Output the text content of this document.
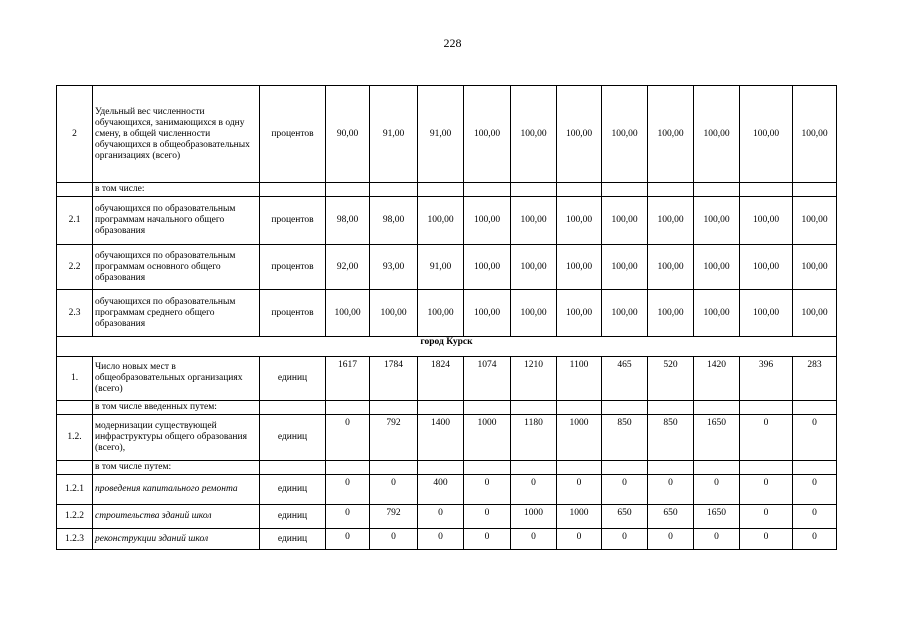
228
2	Удельный вес численности обучающихся, занимающихся в одну смену, в общей численности обучающихся в общеобразовательных организациях (всего)	процентов	90,00	91,00	91,00	100,00	100,00	100,00	100,00	100,00	100,00	100,00	100,00
	в том числе:												
2.1	обучающихся по образовательным программам начального общего образования	процентов	98,00	98,00	100,00	100,00	100,00	100,00	100,00	100,00	100,00	100,00	100,00
2.2	обучающихся по образовательным программам основного общего образования	процентов	92,00	93,00	91,00	100,00	100,00	100,00	100,00	100,00	100,00	100,00	100,00
2.3	обучающихся по образовательным программам среднего общего образования	процентов	100,00	100,00	100,00	100,00	100,00	100,00	100,00	100,00	100,00	100,00	100,00
город Курск													
1.	Число новых мест в общеобразовательных организациях (всего)	единиц	1617	1784	1824	1074	1210	1100	465	520	1420	396	283
	в том числе введенных путем:												
1.2.	модернизации существующей инфраструктуры общего образования (всего),	единиц	0	792	1400	1000	1180	1000	850	850	1650	0	0
	в том числе путем:												
1.2.1	проведения капитального ремонта	единиц	0	0	400	0	0	0	0	0	0	0	0
1.2.2	строительства зданий школ	единиц	0	792	0	0	1000	1000	650	650	1650	0	0
1.2.3	реконструкции зданий школ	единиц	0	0	0	0	0	0	0	0	0	0	0
